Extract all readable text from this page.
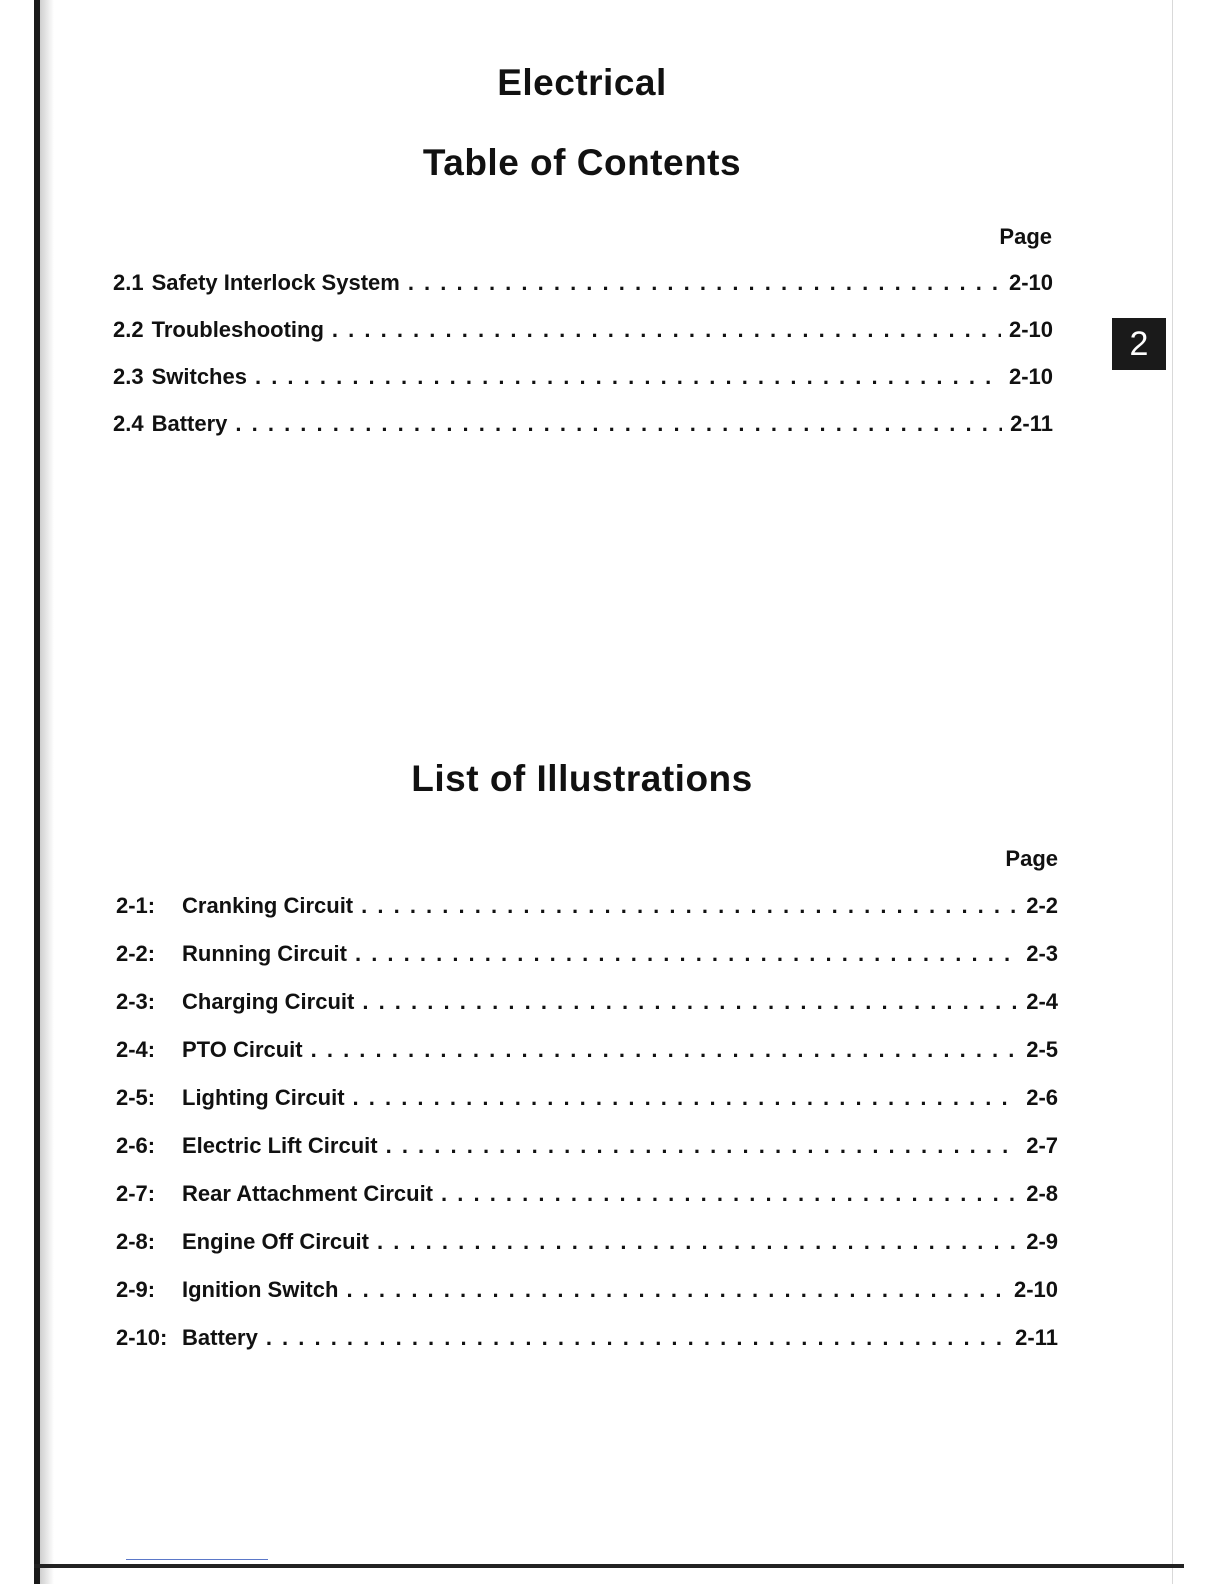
Electrical
Table of Contents
Page
2.1 Safety Interlock System . . .	2-10
2.2 Troubleshooting . . .	2-10
2.3 Switches . . .	2-10
2.4 Battery . . .	2-11
2
List of Illustrations
Page
2-1:	Cranking Circuit . . .	2-2
2-2:	Running Circuit . . .	2-3
2-3:	Charging Circuit . . .	2-4
2-4:	PTO Circuit . . .	2-5
2-5:	Lighting Circuit . . .	2-6
2-6:	Electric Lift Circuit . . .	2-7
2-7:	Rear Attachment Circuit . . .	2-8
2-8:	Engine Off Circuit . . .	2-9
2-9:	Ignition Switch . . .	2-10
2-10: Battery . . .	2-11
